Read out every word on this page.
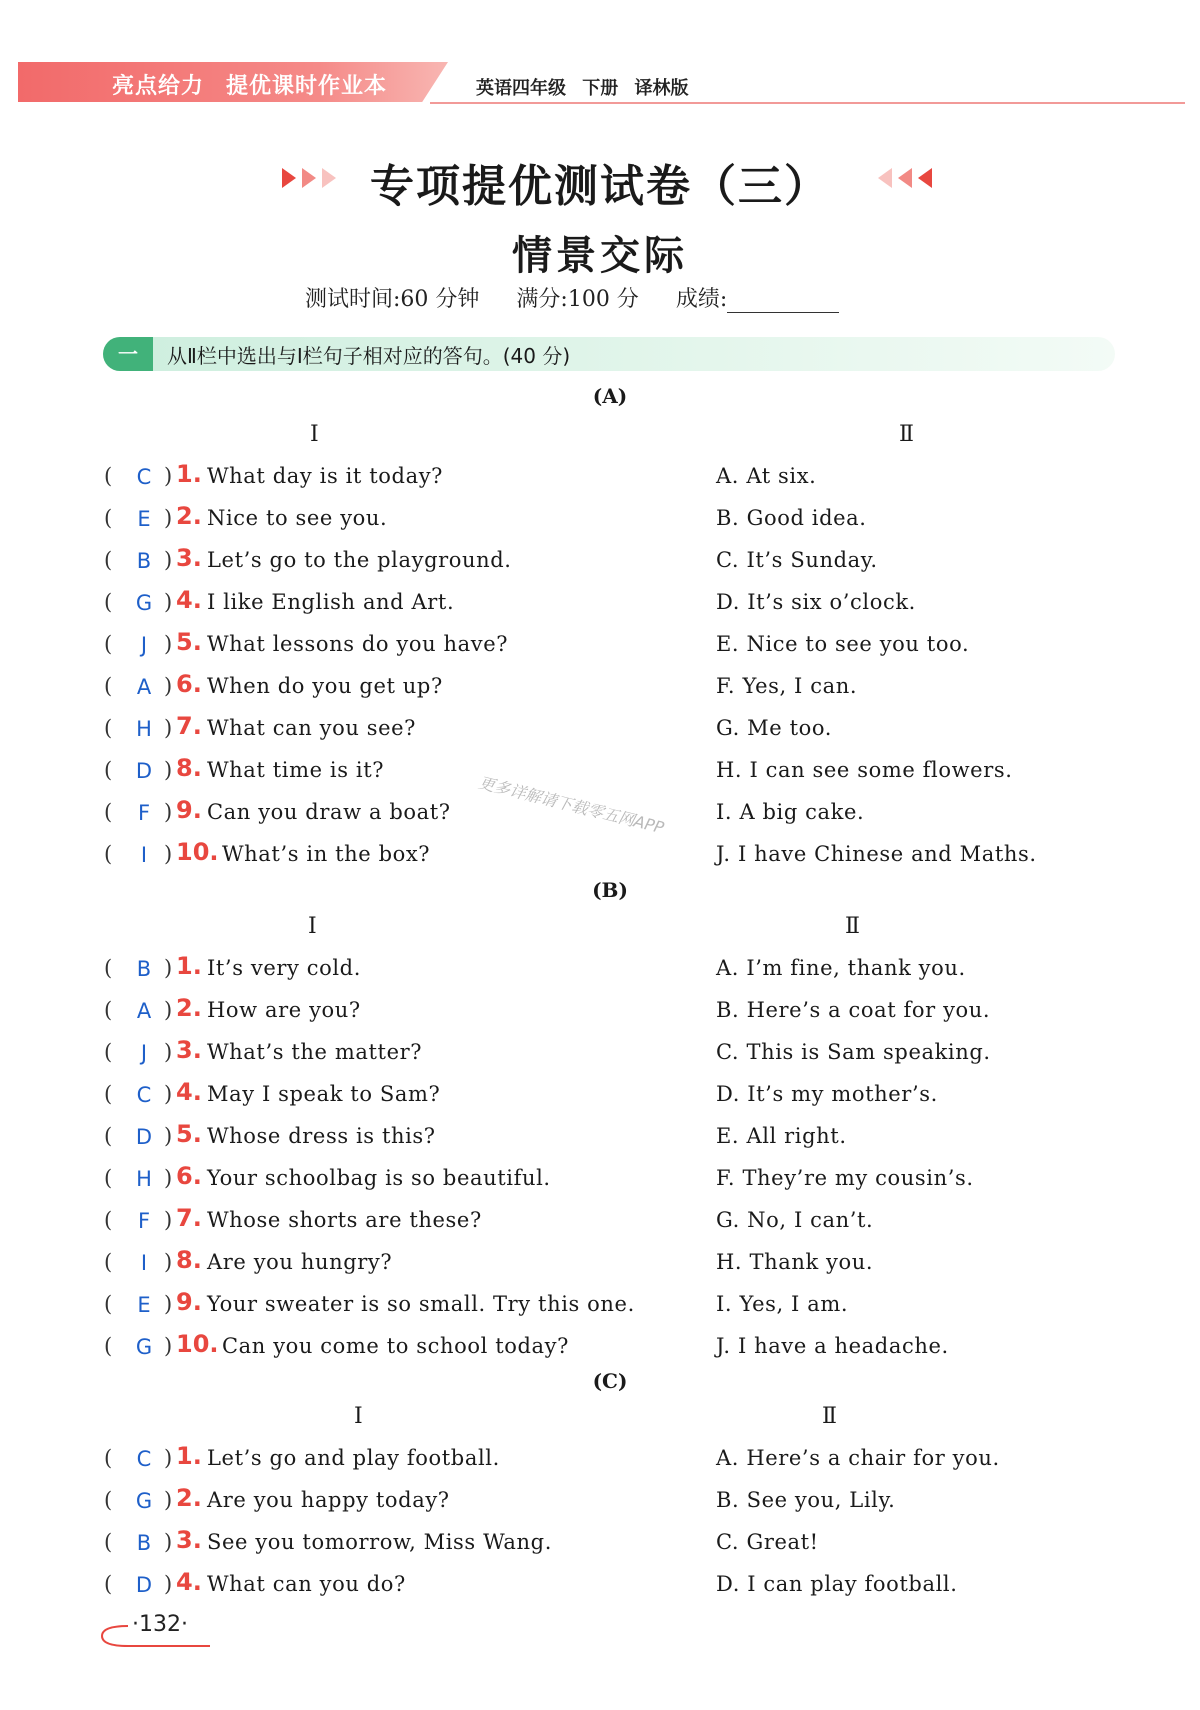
亮点给力 提优课时作业本	英语四年级 下册 译林版
专项提优测试卷（三）
情景交际
测试时间:60 分钟 满分:100 分 成绩:
一	从Ⅱ栏中选出与Ⅰ栏句子相对应的答句。(40 分)
(A)
Ⅰ	Ⅱ
(	C ) 1. What day is it today?	A. At six.
(	E ) 2. Nice to see you.	B. Good idea.
(	B ) 3. Let’s go to the playground.	C. It’s Sunday.
(	G ) 4. I like English and Art.	D. It’s six o’clock.
(	J ) 5. What lessons do you have?	E. Nice to see you too.
(	A ) 6. When do you get up?	F. Yes, I can.
(	H ) 7. What can you see?	G. Me too.
(	D ) 8. What time is it?	H. I can see some flowers.
(	F ) 9. Can you draw a boat?	I. A big cake.
(	I ) 10. What’s in the box?	J. I have Chinese and Maths.
(B)
Ⅰ	Ⅱ
(	B ) 1. It’s very cold.	A. I’m fine, thank you.
(	A ) 2. How are you?	B. Here’s a coat for you.
(	J ) 3. What’s the matter?	C. This is Sam speaking.
(	C ) 4. May I speak to Sam?	D. It’s my mother’s.
(	D ) 5. Whose dress is this?	E. All right.
(	H ) 6. Your schoolbag is so beautiful.	F. They’re my cousin’s.
(	F ) 7. Whose shorts are these?	G. No, I can’t.
(	I ) 8. Are you hungry?	H. Thank you.
(	E ) 9. Your sweater is so small. Try this one.	I. Yes, I am.
(	G ) 10. Can you come to school today?	J. I have a headache.
(C)
Ⅰ	Ⅱ
(	C ) 1. Let’s go and play football.	A. Here’s a chair for you.
(	G ) 2. Are you happy today?	B. See you, Lily.
(	B ) 3. See you tomorrow, Miss Wang.	C. Great!
(	D ) 4. What can you do?	D. I can play football.
更多详解请下载零五网APP
·132·
